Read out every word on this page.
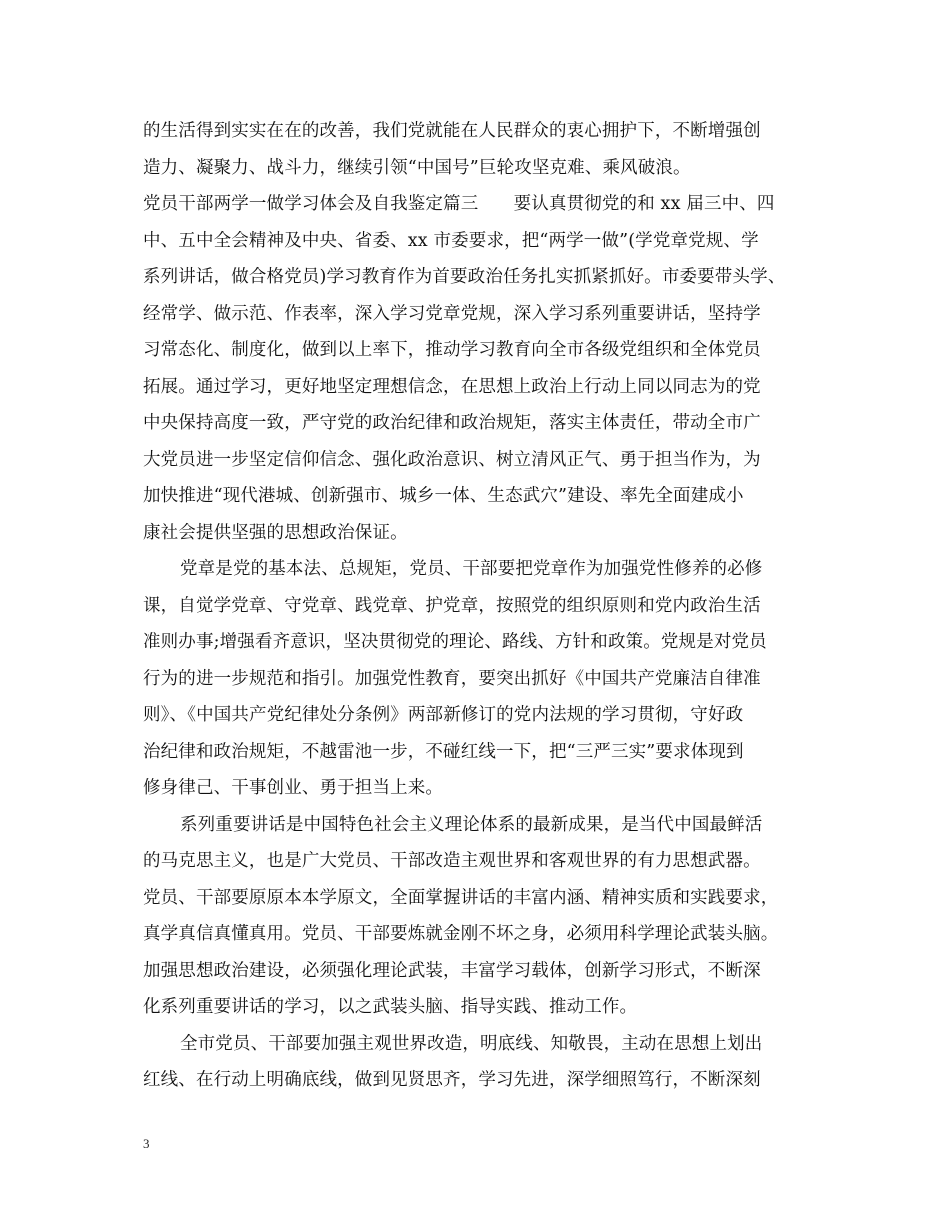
的生活得到实实在在的改善，我们党就能在人民群众的衷心拥护下，不断增强创
造力、凝聚力、战斗力，继续引领“中国号”巨轮攻坚克难、乘风破浪。
党员干部两学一做学习体会及自我鉴定篇三　　要认真贯彻党的和 xx 届三中、四
中、五中全会精神及中央、省委、xx 市委要求，把“两学一做”(学党章党规、学
系列讲话，做合格党员)学习教育作为首要政治任务扎实抓紧抓好。市委要带头学、
经常学、做示范、作表率，深入学习党章党规，深入学习系列重要讲话，坚持学
习常态化、制度化，做到以上率下，推动学习教育向全市各级党组织和全体党员
拓展。通过学习，更好地坚定理想信念，在思想上政治上行动上同以同志为的党
中央保持高度一致，严守党的政治纪律和政治规矩，落实主体责任，带动全市广
大党员进一步坚定信仰信念、强化政治意识、树立清风正气、勇于担当作为，为
加快推进“现代港城、创新强市、城乡一体、生态武穴”建设、率先全面建成小
康社会提供坚强的思想政治保证。
党章是党的基本法、总规矩，党员、干部要把党章作为加强党性修养的必修
课，自觉学党章、守党章、践党章、护党章，按照党的组织原则和党内政治生活
准则办事;增强看齐意识，坚决贯彻党的理论、路线、方针和政策。党规是对党员
行为的进一步规范和指引。加强党性教育，要突出抓好《中国共产党廉洁自律准
则》、《中国共产党纪律处分条例》两部新修订的党内法规的学习贯彻，守好政
治纪律和政治规矩，不越雷池一步，不碰红线一下，把“三严三实”要求体现到
修身律己、干事创业、勇于担当上来。
系列重要讲话是中国特色社会主义理论体系的最新成果，是当代中国最鲜活
的马克思主义，也是广大党员、干部改造主观世界和客观世界的有力思想武器。
党员、干部要原原本本学原文，全面掌握讲话的丰富内涵、精神实质和实践要求，
真学真信真懂真用。党员、干部要炼就金刚不坏之身，必须用科学理论武装头脑。
加强思想政治建设，必须强化理论武装，丰富学习载体，创新学习形式，不断深
化系列重要讲话的学习，以之武装头脑、指导实践、推动工作。
全市党员、干部要加强主观世界改造，明底线、知敬畏，主动在思想上划出
红线、在行动上明确底线，做到见贤思齐，学习先进，深学细照笃行，不断深刻
3
